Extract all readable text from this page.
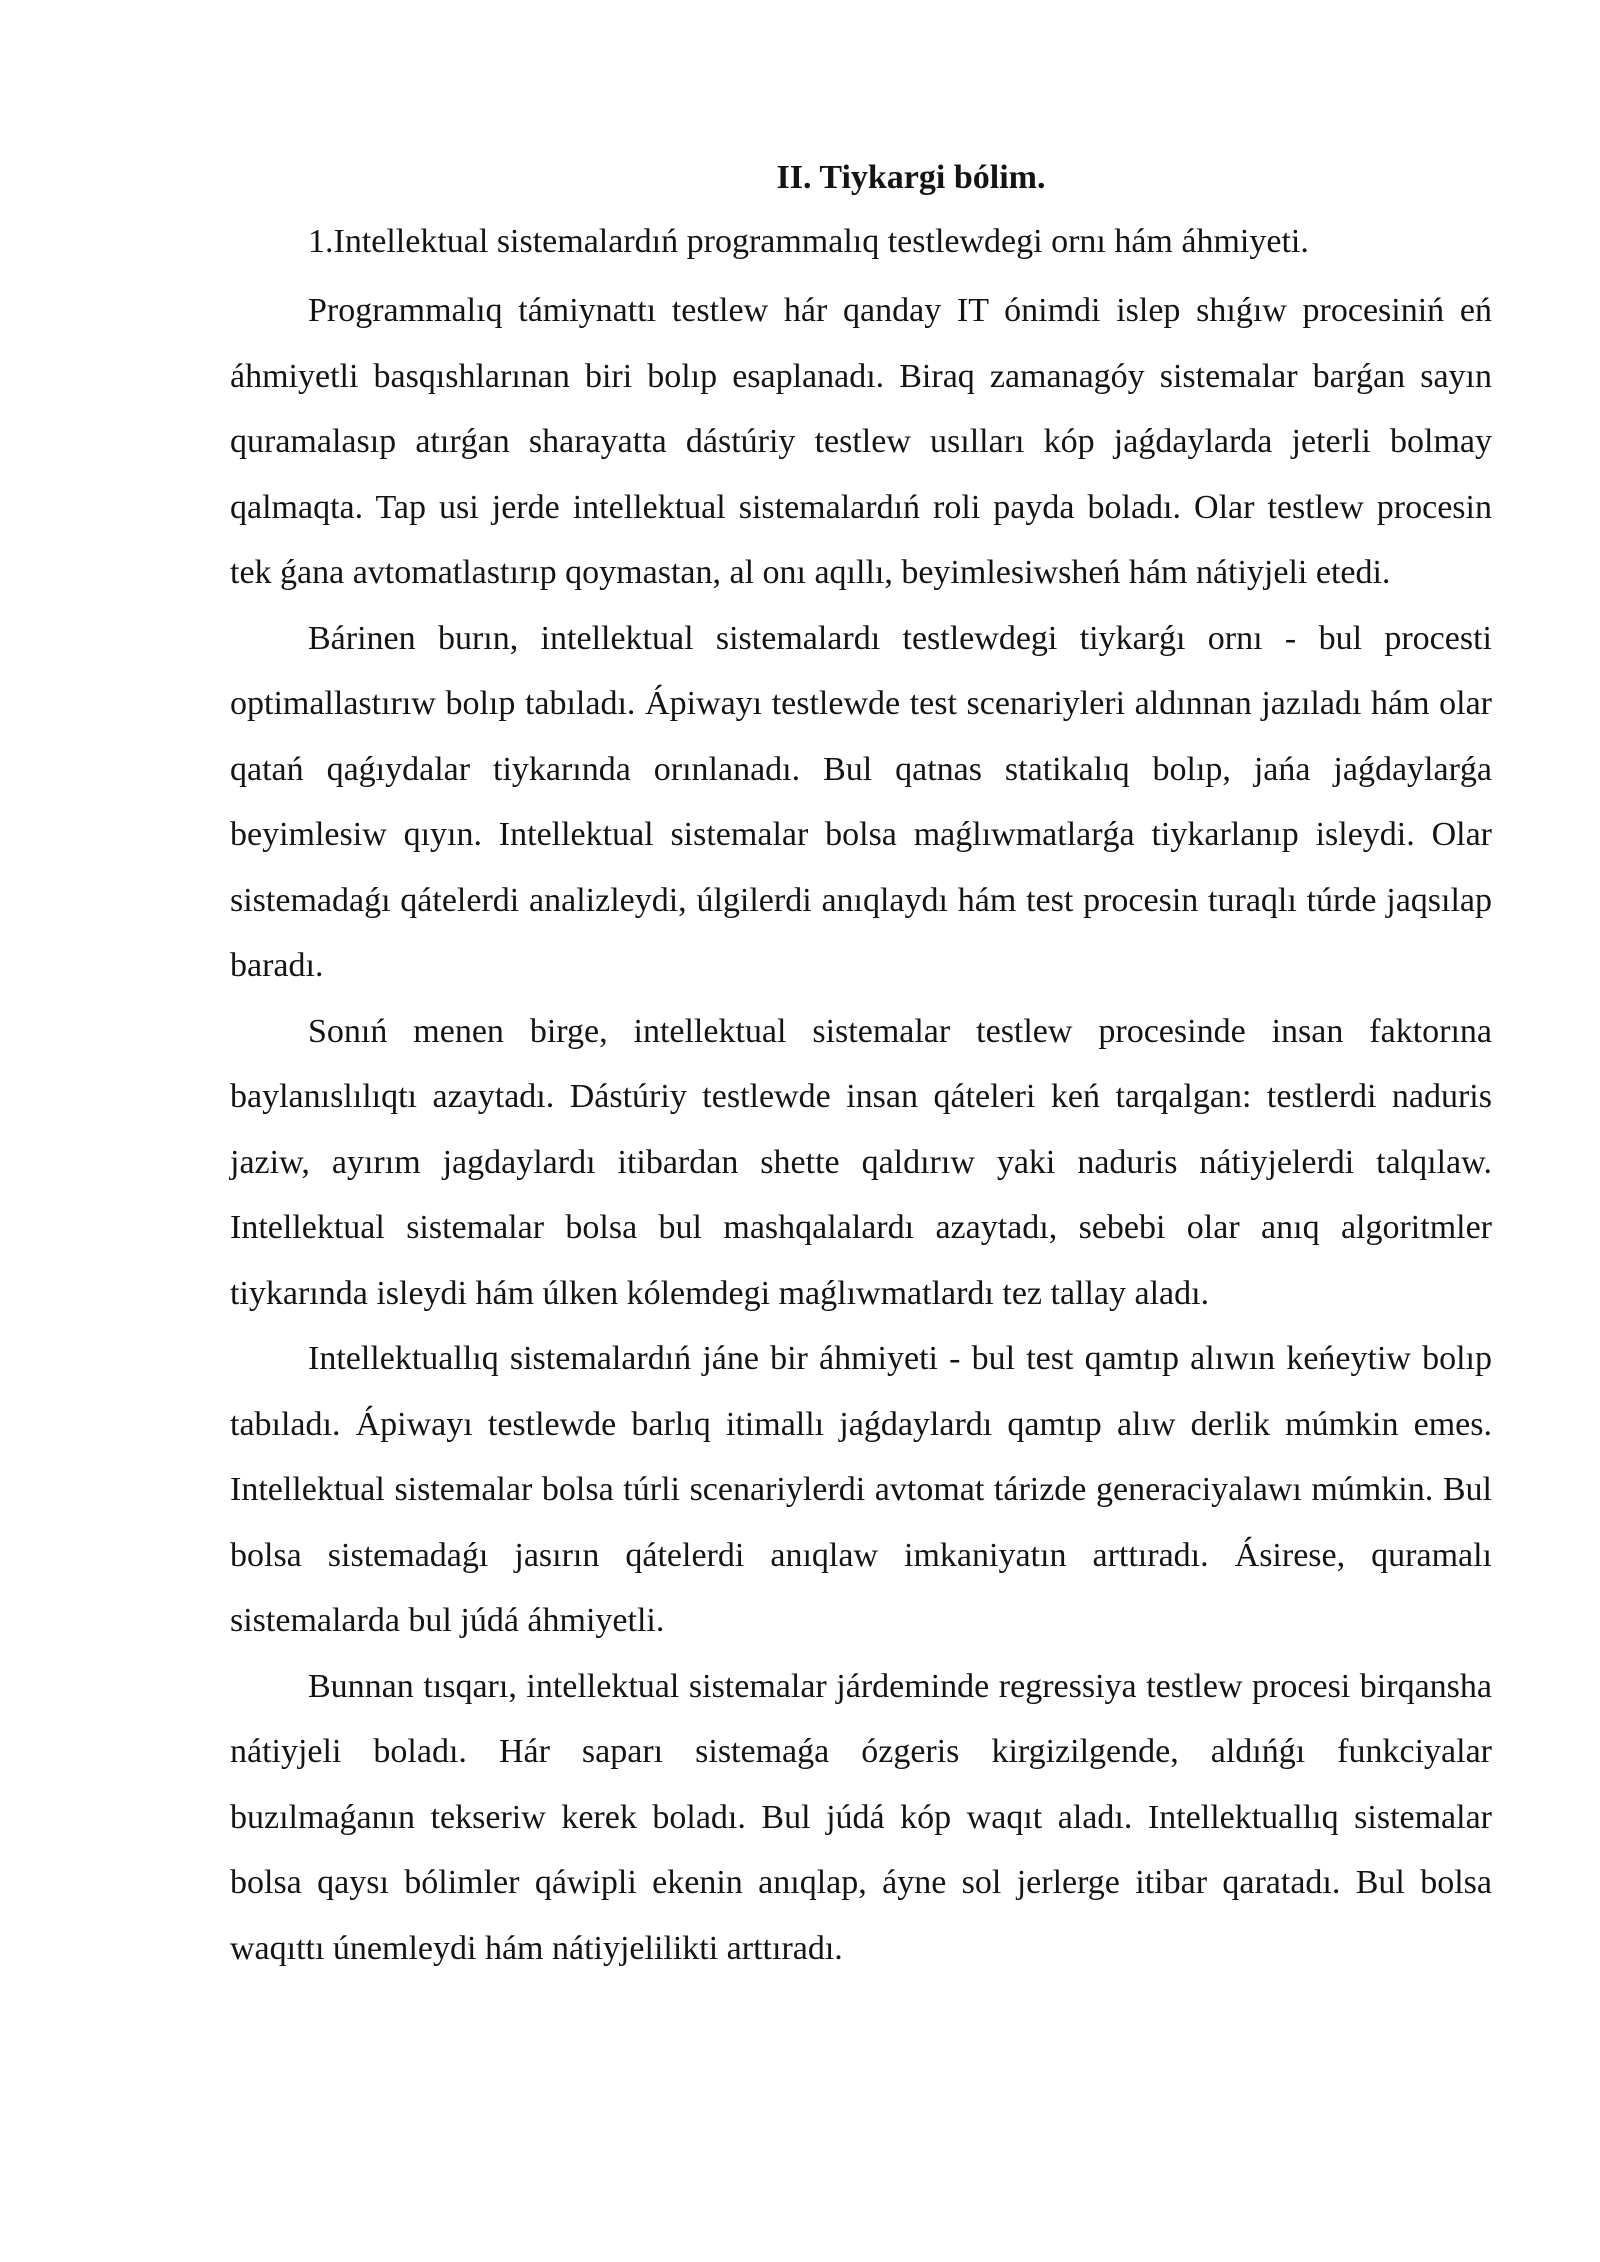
II. Tiykargi bólim.

1.Intellektual sistemalardıń programmalıq testlewdegi ornı hám áhmiyeti.

Programmalıq támiynattı testlew hár qanday IT ónimdi islep shıǵıw procesiniń eń áhmiyetli basqıshlarınan biri bolıp esaplanadı. Biraq zamanagóy sistemalar barǵan sayın quramalasıp atırǵan sharayatta dástúriy testlew usılları kóp jaǵdaylarda jeterli bolmay qalmaqta. Tap usi jerde intellektual sistemalardıń roli payda boladı. Olar testlew procesin tek ǵana avtomatlastırıp qoymastan, al onı aqıllı, beyimlesiwsheń hám nátiyjeli etedi.

Bárinen burın, intellektual sistemalardı testlewdegi tiykarǵı ornı - bul procesti optimallastırıw bolıp tabıladı. Ápiwayı testlewde test scenariyleri aldınnan jazıladı hám olar qatań qaǵıydalar tiykarında orınlanadı. Bul qatnas statikalıq bolıp, jańa jaǵdaylarǵa beyimlesiw qıyın. Intellektual sistemalar bolsa maǵlıwmatlarǵa tiykarlanıp isleydi. Olar sistemadaǵı qátelerdi analizleydi, úlgilerdi anıqlaydı hám test procesin turaqlı túrde jaqsılap baradı.

Sonıń menen birge, intellektual sistemalar testlew procesinde insan faktorına baylanıslılıqtı azaytadı. Dástúriy testlewde insan qáteleri keń tarqalgan: testlerdi naduris jaziw, ayırım jagdaylardı itibardan shette qaldırıw yaki naduris nátiyjelerdi talqılaw. Intellektual sistemalar bolsa bul mashqalalardı azaytadı, sebebi olar anıq algoritmler tiykarında isleydi hám úlken kólemdegi maǵlıwmatlardı tez tallay aladı.

Intellektuallıq sistemalardıń jáne bir áhmiyeti - bul test qamtıp alıwın keńeytiw bolıp tabıladı. Ápiwayı testlewde barlıq itimallı jaǵdaylardı qamtıp alıw derlik múmkin emes. Intellektual sistemalar bolsa túrli scenariylerdi avtomat tárizde generaciyalawı múmkin. Bul bolsa sistemadaǵı jasırın qátelerdi anıqlaw imkaniyatın arttıradı. Ásirese, quramalı sistemalarda bul júdá áhmiyetli.

Bunnan tısqarı, intellektual sistemalar járdeminde regressiya testlew procesi birqansha nátiyjeli boladı. Hár saparı sistemaǵa ózgeris kirgizilgende, aldıńǵı funkciyalar buzılmaǵanın tekseriw kerek boladı. Bul júdá kóp waqıt aladı. Intellektuallıq sistemalar bolsa qaysı bólimler qáwipli ekenin anıqlap, áyne sol jerlerge itibar qaratadı. Bul bolsa waqıttı únemleydi hám nátiyjelilikti arttıradı.
